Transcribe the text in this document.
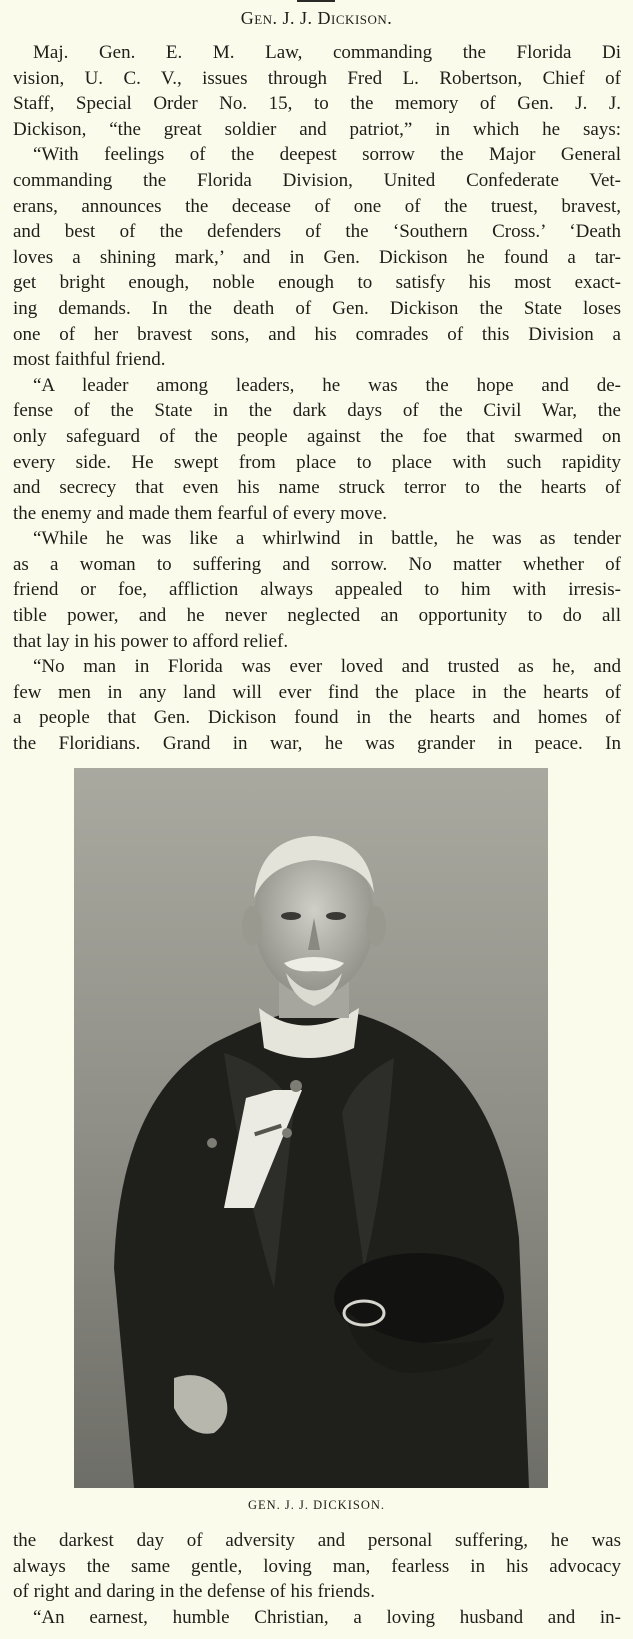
Gen. J. J. Dickison.

Maj. Gen. E. M. Law, commanding the Florida Di
vision, U. C. V., issues through Fred L. Robertson, Chief of
Staff, Special Order No. 15, to the memory of Gen. J. J.
Dickison, “the great soldier and patriot,” in which he says:

“With feelings of the deepest sorrow the Major General
commanding the Florida Division, United Confederate Vet-
erans, announces the decease of one of the truest, bravest,
and best of the defenders of the ‘Southern Cross.’ ‘Death
loves a shining mark,’ and in Gen. Dickison he found a tar-
get bright enough, noble enough to satisfy his most exact-
ing demands. In the death of Gen. Dickison the State loses
one of her bravest sons, and his comrades of this Division a
most faithful friend.

“A leader among leaders, he was the hope and de-
fense of the State in the dark days of the Civil War, the
only safeguard of the people against the foe that swarmed on
every side. He swept from place to place with such rapidity
and secrecy that even his name struck terror to the hearts of
the enemy and made them fearful of every move.

“While he was like a whirlwind in battle, he was as tender
as a woman to suffering and sorrow. No matter whether of
friend or foe, affliction always appealed to him with irresis-
tible power, and he never neglected an opportunity to do all
that lay in his power to afford relief.

“No man in Florida was ever loved and trusted as he, and
few men in any land will ever find the place in the hearts of
a people that Gen. Dickison found in the hearts and homes of
the Floridians. Grand in war, he was grander in peace. In

GEN. J. J. DICKISON.

the darkest day of adversity and personal suffering, he was
always the same gentle, loving man, fearless in his advocacy
of right and daring in the defense of his friends.

“An earnest, humble Christian, a loving husband and in-
